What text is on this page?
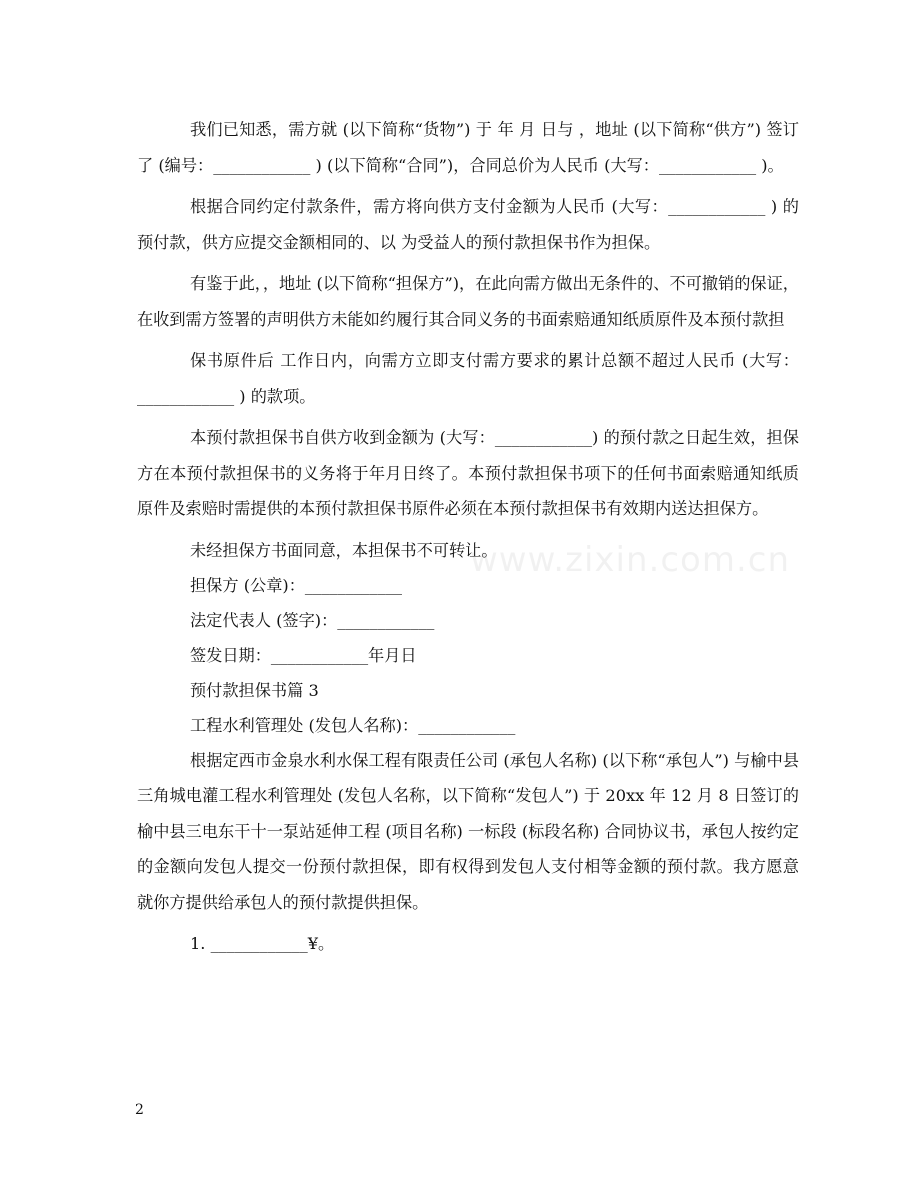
我们已知悉，需方就 (以下简称“货物”) 于 年 月 日与 ，地址 (以下简称“供方”) 签订了 (编号：____________ ) (以下简称“合同”)，合同总价为人民币 (大写：____________ )。

根据合同约定付款条件，需方将向供方支付金额为人民币 (大写：____________ ) 的预付款，供方应提交金额相同的、以 为受益人的预付款担保书作为担保。

有鉴于此，，地址 (以下简称“担保方”)，在此向需方做出无条件的、不可撤销的保证，在收到需方签署的声明供方未能如约履行其合同义务的书面索赔通知纸质原件及本预付款担

保书原件后 工作日内，向需方立即支付需方要求的累计总额不超过人民币 (大写：____________ ) 的款项。

本预付款担保书自供方收到金额为 (大写：____________) 的预付款之日起生效，担保方在本预付款担保书的义务将于年月日终了。本预付款担保书项下的任何书面索赔通知纸质原件及索赔时需提供的本预付款担保书原件必须在本预付款担保书有效期内送达担保方。

未经担保方书面同意，本担保书不可转让。

担保方 (公章)：____________

法定代表人 (签字)：____________

签发日期：____________年月日

预付款担保书篇 3

工程水利管理处 (发包人名称)：____________

根据定西市金泉水利水保工程有限责任公司 (承包人名称) (以下称“承包人”) 与榆中县三角城电灌工程水利管理处 (发包人名称，以下简称“发包人”) 于 20xx 年 12 月 8 日签订的榆中县三电东干十一泵站延伸工程 (项目名称) 一标段 (标段名称) 合同协议书，承包人按约定的金额向发包人提交一份预付款担保，即有权得到发包人支付相等金额的预付款。我方愿意就你方提供给承包人的预付款提供担保。

1. ____________¥。

www.zixin.com.cn
2
